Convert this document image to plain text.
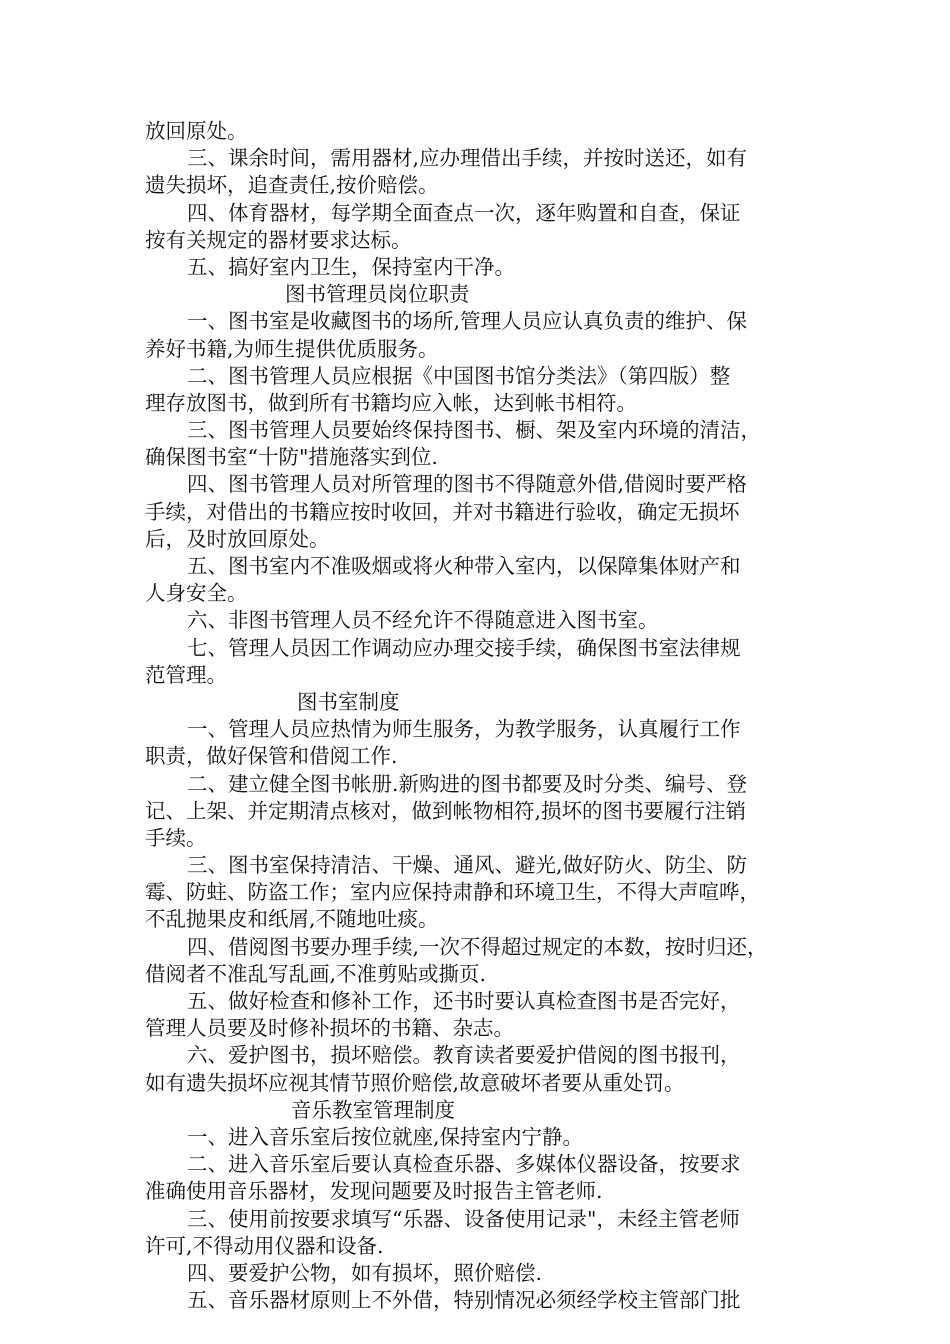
放回原处。
三、课余时间，需用器材,应办理借出手续，并按时送还，如有
遗失损坏，追查责任,按价赔偿。
四、体育器材，每学期全面查点一次，逐年购置和自查，保证
按有关规定的器材要求达标。
五、搞好室内卫生，保持室内干净。
图书管理员岗位职责
一、图书室是收藏图书的场所,管理人员应认真负责的维护、保
养好书籍,为师生提供优质服务。
二、图书管理人员应根据《中国图书馆分类法》（第四版）整
理存放图书，做到所有书籍均应入帐，达到帐书相符。
三、图书管理人员要始终保持图书、橱、架及室内环境的清洁，
确保图书室“十防"措施落实到位.
四、图书管理人员对所管理的图书不得随意外借,借阅时要严格
手续，对借出的书籍应按时收回，并对书籍进行验收，确定无损坏
后，及时放回原处。
五、图书室内不准吸烟或将火种带入室内，以保障集体财产和
人身安全。
六、非图书管理人员不经允许不得随意进入图书室。
七、管理人员因工作调动应办理交接手续，确保图书室法律规
范管理。
图书室制度
一、管理人员应热情为师生服务，为教学服务，认真履行工作
职责，做好保管和借阅工作.
二、建立健全图书帐册.新购进的图书都要及时分类、编号、登
记、上架、并定期清点核对，做到帐物相符,损坏的图书要履行注销
手续。
三、图书室保持清洁、干燥、通风、避光,做好防火、防尘、防
霉、防蛀、防盗工作；室内应保持肃静和环境卫生，不得大声喧哗，
不乱抛果皮和纸屑,不随地吐痰。
四、借阅图书要办理手续,一次不得超过规定的本数，按时归还，
借阅者不准乱写乱画,不准剪贴或撕页.
五、做好检查和修补工作，还书时要认真检查图书是否完好，
管理人员要及时修补损坏的书籍、杂志。
六、爱护图书，损坏赔偿。教育读者要爱护借阅的图书报刊，
如有遗失损坏应视其情节照价赔偿,故意破坏者要从重处罚。
音乐教室管理制度
一、进入音乐室后按位就座,保持室内宁静。
二、进入音乐室后要认真检查乐器、多媒体仪器设备，按要求
准确使用音乐器材，发现问题要及时报告主管老师.
三、使用前按要求填写“乐器、设备使用记录"，未经主管老师
许可,不得动用仪器和设备.
四、要爱护公物，如有损坏，照价赔偿.
五、音乐器材原则上不外借，特别情况必须经学校主管部门批
